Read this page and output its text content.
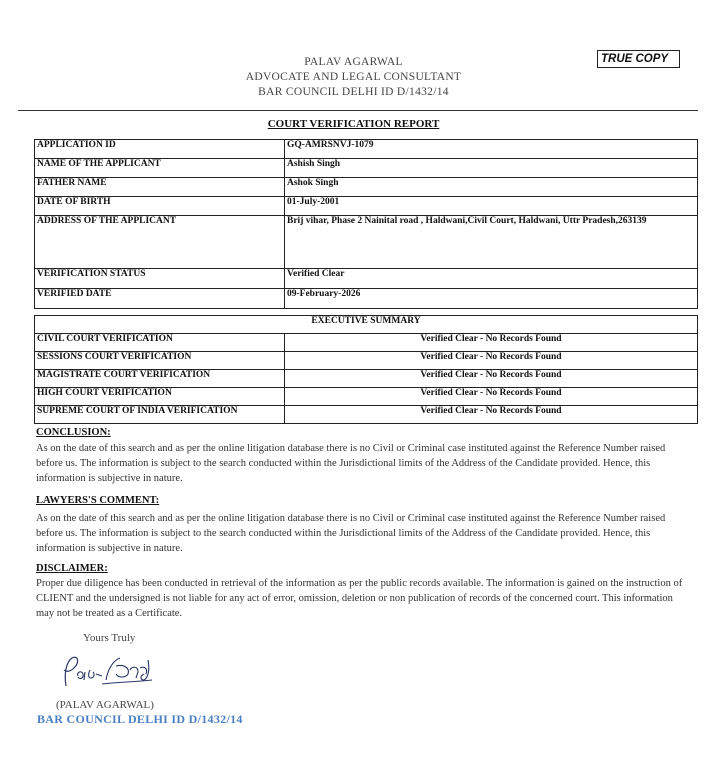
PALAV AGARWAL
ADVOCATE AND LEGAL CONSULTANT
BAR COUNCIL DELHI ID D/1432/14
TRUE COPY
COURT VERIFICATION REPORT
APPLICATION ID	GQ-AMRSNVJ-1079
NAME OF THE APPLICANT	Ashish Singh
FATHER NAME	Ashok Singh
DATE OF BIRTH	01-July-2001
ADDRESS OF THE APPLICANT	Brij vihar, Phase 2 Nainital road , Haldwani,Civil Court, Haldwani, Uttr Pradesh,263139
VERIFICATION STATUS	Verified Clear
VERIFIED DATE	09-February-2026
EXECUTIVE SUMMARY	
CIVIL COURT VERIFICATION	Verified Clear - No Records Found
SESSIONS COURT VERIFICATION	Verified Clear - No Records Found
MAGISTRATE COURT VERIFICATION	Verified Clear - No Records Found
HIGH COURT VERIFICATION	Verified Clear - No Records Found
SUPREME COURT OF INDIA VERIFICATION	Verified Clear - No Records Found
CONCLUSION:
As on the date of this search and as per the online litigation database there is no Civil or Criminal case instituted against the Reference Number raised before us. The information is subject to the search conducted within the Jurisdictional limits of the Address of the Candidate provided. Hence, this information is subjective in nature.
LAWYERS'S COMMENT:
As on the date of this search and as per the online litigation database there is no Civil or Criminal case instituted against the Reference Number raised before us. The information is subject to the search conducted within the Jurisdictional limits of the Address of the Candidate provided. Hence, this information is subjective in nature.
DISCLAIMER:
Proper due diligence has been conducted in retrieval of the information as per the public records available. The information is gained on the instruction of CLIENT and the undersigned is not liable for any act of error, omission, deletion or non publication of records of the concerned court. This information may not be treated as a Certificate.
Yours Truly
(PALAV AGARWAL)
BAR COUNCIL DELHI ID D/1432/14
